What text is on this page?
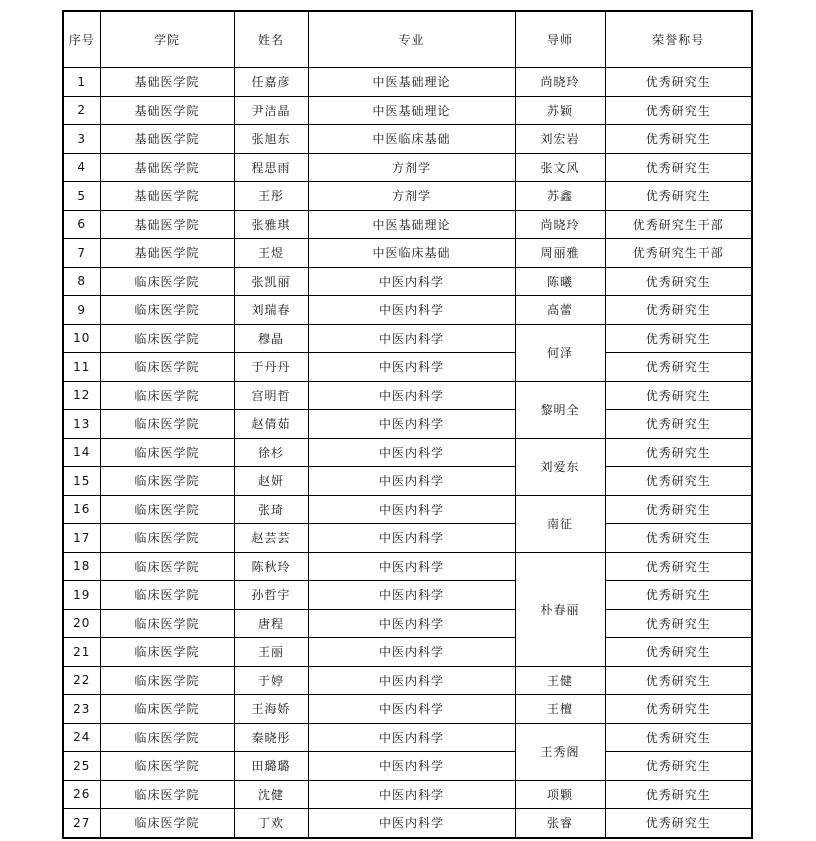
序号	学院	姓名	专业	导师	荣誉称号
1	基础医学院	任嘉彦	中医基础理论	尚晓玲	优秀研究生
2	基础医学院	尹洁晶	中医基础理论	苏颖	优秀研究生
3	基础医学院	张旭东	中医临床基础	刘宏岩	优秀研究生
4	基础医学院	程思雨	方剂学	张文风	优秀研究生
5	基础医学院	王彤	方剂学	苏鑫	优秀研究生
6	基础医学院	张雅琪	中医基础理论	尚晓玲	优秀研究生干部
7	基础医学院	王煜	中医临床基础	周丽雅	优秀研究生干部
8	临床医学院	张凯丽	中医内科学	陈曦	优秀研究生
9	临床医学院	刘瑞春	中医内科学	高蕾	优秀研究生
10	临床医学院	穆晶	中医内科学	何泽	优秀研究生
11	临床医学院	于丹丹	中医内科学		优秀研究生
12	临床医学院	宫明哲	中医内科学	黎明全	优秀研究生
13	临床医学院	赵倩茹	中医内科学		优秀研究生
14	临床医学院	徐杉	中医内科学	刘爱东	优秀研究生
15	临床医学院	赵妍	中医内科学		优秀研究生
16	临床医学院	张琦	中医内科学	南征	优秀研究生
17	临床医学院	赵芸芸	中医内科学		优秀研究生
18	临床医学院	陈秋玲	中医内科学	朴春丽	优秀研究生
19	临床医学院	孙哲宇	中医内科学		优秀研究生
20	临床医学院	唐程	中医内科学		优秀研究生
21	临床医学院	王丽	中医内科学		优秀研究生
22	临床医学院	于婷	中医内科学	王健	优秀研究生
23	临床医学院	王海娇	中医内科学	王檀	优秀研究生
24	临床医学院	秦晓彤	中医内科学	王秀阁	优秀研究生
25	临床医学院	田璐璐	中医内科学		优秀研究生
26	临床医学院	沈健	中医内科学	项颗	优秀研究生
27	临床医学院	丁欢	中医内科学	张睿	优秀研究生
